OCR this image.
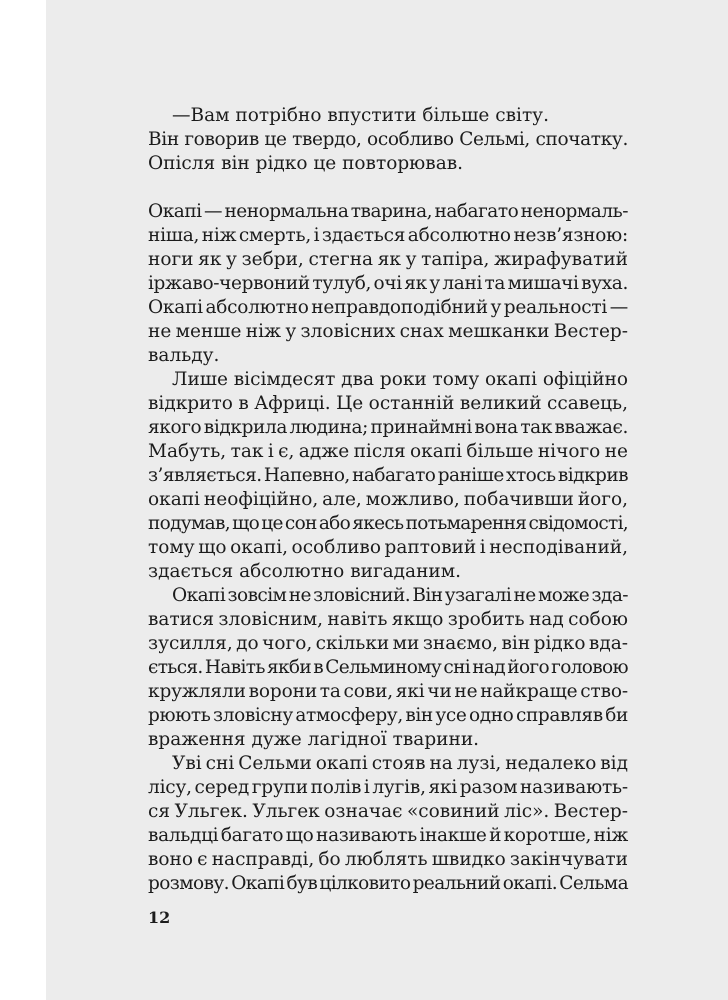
—Вам потрібно впустити більше світу.
Він говорив це твердо, особливо Сельмі, спочатку.
Опісля він рідко це повторював.
Окапі — ненормальна тварина, набагато ненормаль-
ніша, ніж смерть, і здається абсолютно незв’язною:
ноги як у зебри, стегна як у тапіра, жирафуватий
іржаво-червоний тулуб, очі як у лані та мишачі вуха.
Окапі абсолютно неправдоподібний у реальності —
не менше ніж у зловісних снах мешканки Вестер-
вальду.
Лише вісімдесят два роки тому окапі офіційно
відкрито в Африці. Це останній великий ссавець,
якого відкрила людина; принаймні вона так вважає.
Мабуть, так і є, адже після окапі більше нічого не
з’являється. Напевно, набагато раніше хтось відкрив
окапі неофіційно, але, можливо, побачивши його,
подумав, що це сон або якесь потьмарення свідомості,
тому що окапі, особливо раптовий і несподіваний,
здається абсолютно вигаданим.
Окапі зовсім не зловісний. Він узагалі не може зда-
ватися зловісним, навіть якщо зробить над собою
зусилля, до чого, скільки ми знаємо, він рідко вда-
ється. Навіть якби в Сельминому сні над його головою
кружляли ворони та сови, які чи не найкраще ство-
рюють зловісну атмосферу, він усе одно справляв би
враження дуже лагідної тварини.
Уві сні Сельми окапі стояв на лузі, недалеко від
лісу, серед групи полів і лугів, які разом називають-
ся Ульгек. Ульгек означає «совиний ліс». Вестер-
вальдці багато що називають інакше й коротше, ніж
воно є насправді, бо люблять швидко закінчувати
розмову. Окапі був цілковито реальний окапі. Сельма
12
